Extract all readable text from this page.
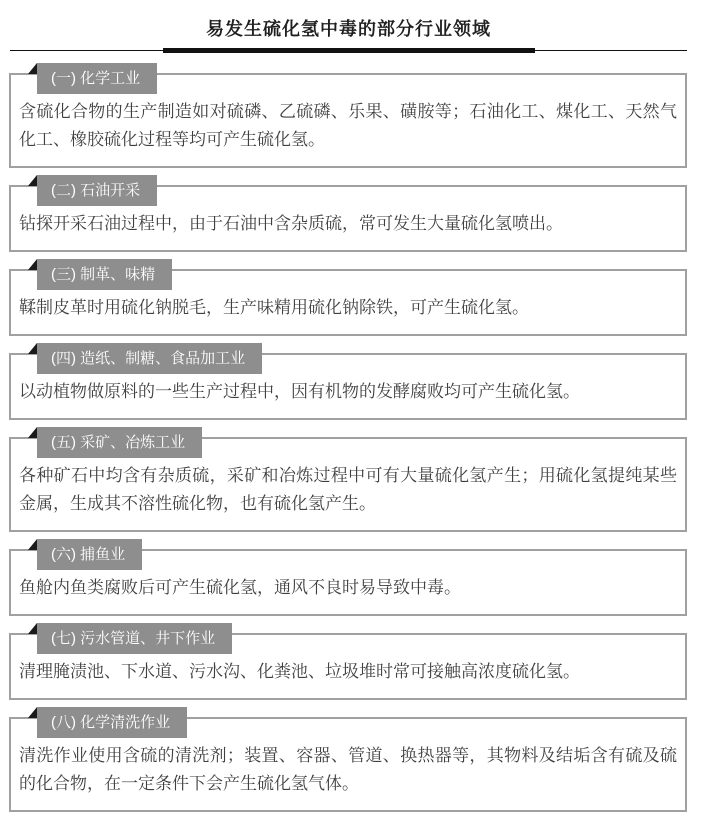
易发生硫化氢中毒的部分行业领域
(一) 化学工业

含硫化合物的生产制造如对硫磷、乙硫磷、乐果、磺胺等；石油化工、煤化工、天然气化工、橡胶硫化过程等均可产生硫化氢。

(二) 石油开采

钻探开采石油过程中，由于石油中含杂质硫，常可发生大量硫化氢喷出。

(三) 制革、味精

鞣制皮革时用硫化钠脱毛，生产味精用硫化钠除铁，可产生硫化氢。

(四) 造纸、制糖、食品加工业

以动植物做原料的一些生产过程中，因有机物的发酵腐败均可产生硫化氢。

(五) 采矿、冶炼工业

各种矿石中均含有杂质硫，采矿和冶炼过程中可有大量硫化氢产生；用硫化氢提纯某些金属，生成其不溶性硫化物，也有硫化氢产生。

(六) 捕鱼业

鱼舱内鱼类腐败后可产生硫化氢，通风不良时易导致中毒。

(七) 污水管道、井下作业

清理腌渍池、下水道、污水沟、化粪池、垃圾堆时常可接触高浓度硫化氢。

(八) 化学清洗作业

清洗作业使用含硫的清洗剂；装置、容器、管道、换热器等，其物料及结垢含有硫及硫的化合物，在一定条件下会产生硫化氢气体。
